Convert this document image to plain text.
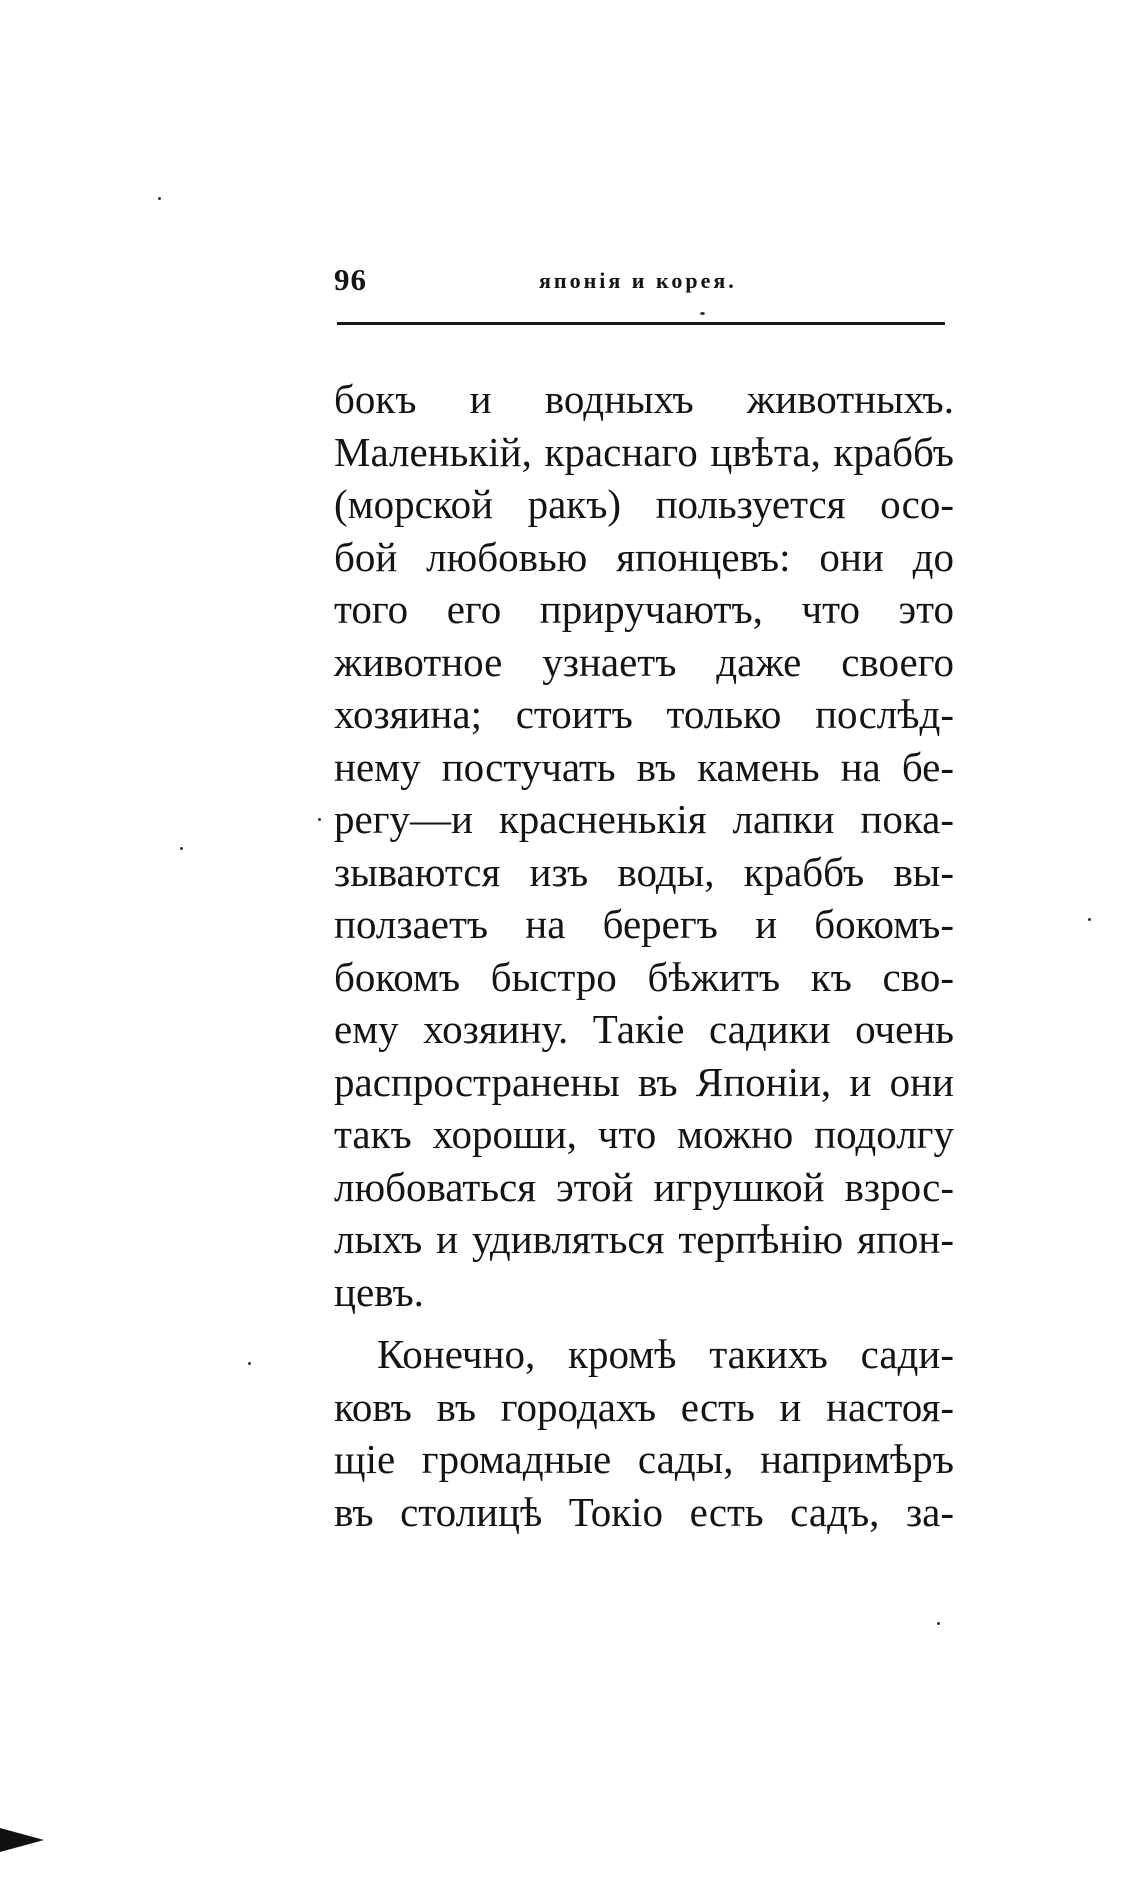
96	японія и корея.
бокъ и водныхъ животныхъ.
Маленькій, краснаго цвѣта, краббъ
(морской ракъ) пользуется осо-
бой любовью японцевъ: они до
того его приручаютъ, что это
животное узнаетъ даже своего
хозяина; стоитъ только послѣд-
нему постучать въ камень на бе-
регу—и красненькія лапки пока-
зываются изъ воды, краббъ вы-
ползаетъ на берегъ и бокомъ-
бокомъ быстро бѣжитъ къ сво-
ему хозяину. Такіе садики очень
распространены въ Японіи, и они
такъ хороши, что можно подолгу
любоваться этой игрушкой взрос-
лыхъ и удивляться терпѣнію япон-
цевъ.
Конечно, кромѣ такихъ сади-
ковъ въ городахъ есть и настоя-
щіе громадные сады, напримѣръ
въ столицѣ Токіо есть садъ, за-
